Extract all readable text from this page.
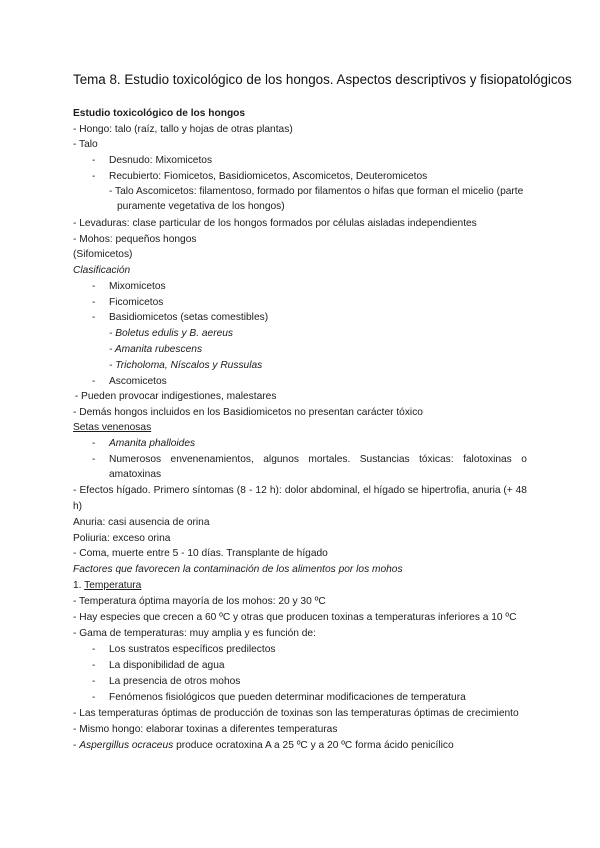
Tema 8. Estudio toxicológico de los hongos. Aspectos descriptivos y fisiopatológicos
Estudio toxicológico de los hongos
- Hongo: talo (raíz, tallo y hojas de otras plantas)
- Talo
- Desnudo: Mixomicetos
- Recubierto: Fiomicetos, Basidiomicetos, Ascomicetos, Deuteromicetos
- Talo Ascomicetos: filamentoso, formado por filamentos o hifas que forman el micelio (parte
puramente vegetativa de los hongos)
- Levaduras: clase particular de los hongos formados por células aisladas independientes
- Mohos: pequeños hongos
(Sifomicetos)
Clasificación
- Mixomicetos
- Ficomicetos
- Basidiomicetos (setas comestibles)
- Boletus edulis y B. aereus
- Amanita rubescens
- Tricholoma, Níscalos y Russulas
- Ascomicetos
- Pueden provocar indigestiones, malestares
- Demás hongos incluidos en los Basidiomicetos no presentan carácter tóxico
Setas venenosas
- Amanita phalloides
- Numerosos envenenamientos, algunos mortales. Sustancias tóxicas: falotoxinas o
amatoxinas
- Efectos hígado. Primero síntomas (8 - 12 h): dolor abdominal, el hígado se hipertrofia, anuria (+ 48
h)
Anuria: casi ausencia de orina
Poliuria: exceso orina
- Coma, muerte entre 5 - 10 días. Transplante de hígado
Factores que favorecen la contaminación de los alimentos por los mohos
1. Temperatura
- Temperatura óptima mayoría de los mohos: 20 y 30 ºC
- Hay especies que crecen a 60 ºC y otras que producen toxinas a temperaturas inferiores a 10 ºC
- Gama de temperaturas: muy amplia y es función de:
- Los sustratos específicos predilectos
- La disponibilidad de agua
- La presencia de otros mohos
- Fenómenos fisiológicos que pueden determinar modificaciones de temperatura
- Las temperaturas óptimas de producción de toxinas son las temperaturas óptimas de crecimiento
- Mismo hongo: elaborar toxinas a diferentes temperaturas
- Aspergillus ocraceus produce ocratoxina A a 25 ºC y a 20 ºC forma ácido penicílico
